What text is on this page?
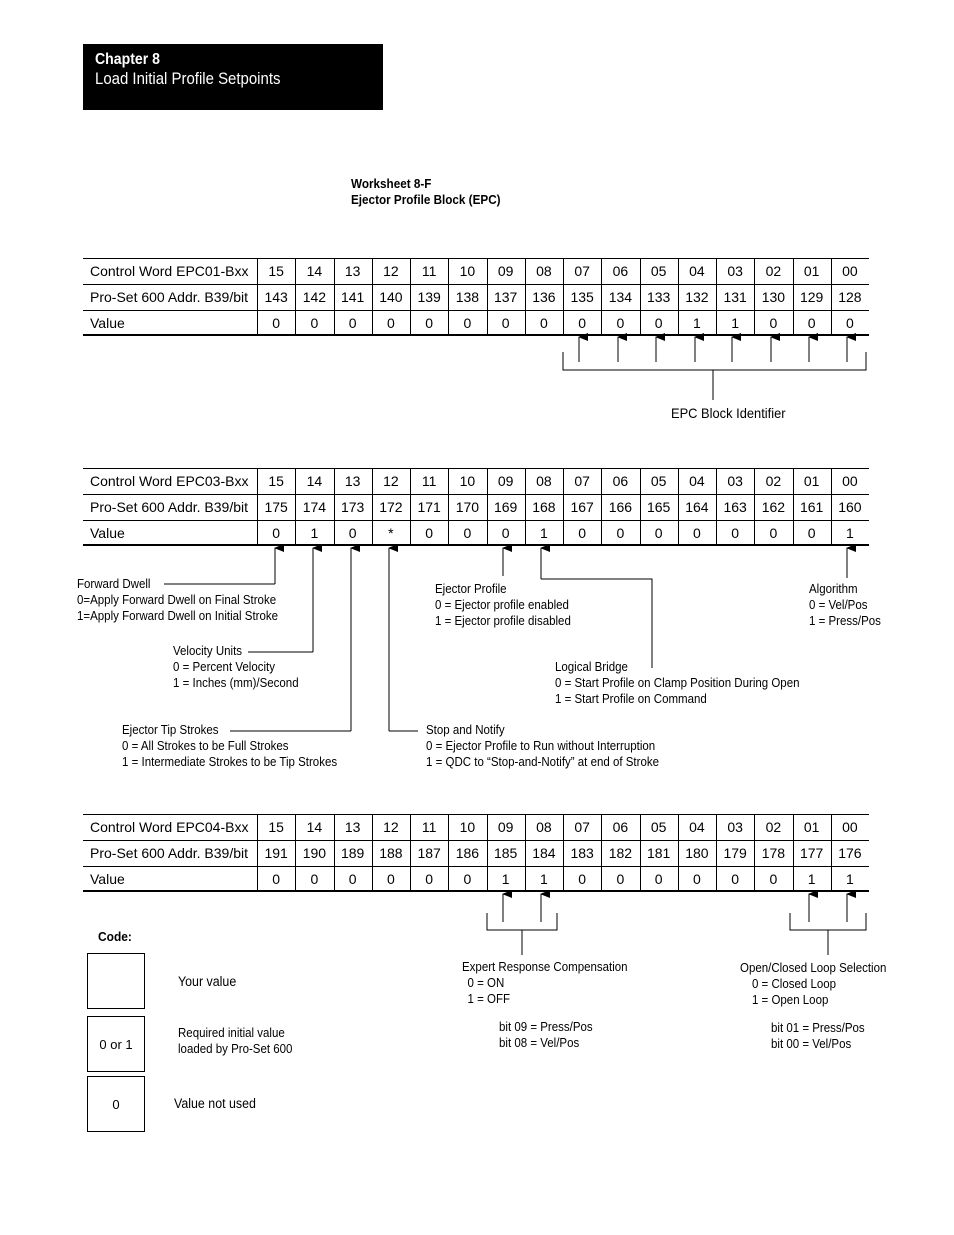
Chapter 8
Load Initial Profile Setpoints
Worksheet 8-F
Ejector Profile Block (EPC)
Control Word EPC01-Bxx	15	14	13	12	11	10	09	08	07	06	05	04	03	02	01	00
Pro-Set 600 Addr. B39/bit	143	142	141	140	139	138	137	136	135	134	133	132	131	130	129	128
Value	0	0	0	0	0	0	0	0	0	0	0	1	1	0	0	0
Control Word EPC03-Bxx	15	14	13	12	11	10	09	08	07	06	05	04	03	02	01	00
Pro-Set 600 Addr. B39/bit	175	174	173	172	171	170	169	168	167	166	165	164	163	162	161	160
Value	0	1	0	*	0	0	0	1	0	0	0	0	0	0	0	1
Control Word EPC04-Bxx	15	14	13	12	11	10	09	08	07	06	05	04	03	02	01	00
Pro-Set 600 Addr. B39/bit	191	190	189	188	187	186	185	184	183	182	181	180	179	178	177	176
Value	0	0	0	0	0	0	1	1	0	0	0	0	0	0	1	1
EPC Block Identifier
Forward Dwell
0=Apply Forward Dwell on Final Stroke
1=Apply Forward Dwell on Initial Stroke
Velocity Units
0 = Percent Velocity
1 = Inches (mm)/Second
Ejector Tip Strokes
0 = All Strokes to be Full Strokes
1 = Intermediate Strokes to be Tip Strokes
Ejector Profile
0 = Ejector profile enabled
1 = Ejector profile disabled
Logical Bridge
0 = Start Profile on Clamp Position During Open
1 = Start Profile on Command
Stop and Notify
0 = Ejector Profile to Run without Interruption
1 = QDC to “Stop-and-Notify” at end of Stroke
Algorithm
0 = Vel/Pos
1 = Press/Pos
Expert Response Compensation
0 = ON
1 = OFF
bit 09 = Press/Pos
bit 08 = Vel/Pos
Open/Closed Loop Selection
0 = Closed Loop
1 = Open Loop
bit 01 = Press/Pos
bit 00 = Vel/Pos
Code:
Your value
0 or 1
Required initial value
loaded by Pro-Set 600
0	Value not used
